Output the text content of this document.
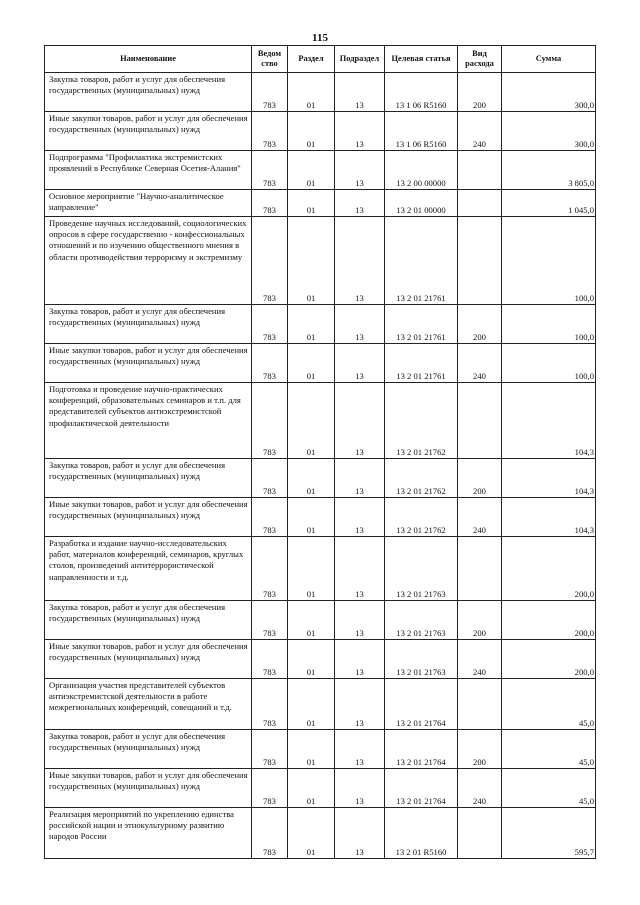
115
Наименование	Ведом ство	Раздел	Подраздел	Целевая статья	Вид расхода	Сумма
Закупка товаров, работ и услуг для обеспечения государственных (муниципальных) нужд	783	01	13	13 1 06 R5160	200	300,0
Иные закупки товаров, работ и услуг для обеспечения государственных (муниципальных) нужд	783	01	13	13 1 06 R5160	240	300,0
Подпрограмма "Профилактика экстремистских проявлений в Республике Северная Осетия-Алания"	783	01	13	13 2 00 00000		3 805,0
Основное мероприятие "Научно-аналитическое направление"	783	01	13	13 2 01 00000		1 045,0
Проведение научных исследований, социологических опросов в сфере государственно - конфессиональных отношений и по изучению общественного мнения в области противодействия терроризму и экстремизму	783	01	13	13 2 01 21761		100,0
Закупка товаров, работ и услуг для обеспечения государственных (муниципальных) нужд	783	01	13	13 2 01 21761	200	100,0
Иные закупки товаров, работ и услуг для обеспечения государственных (муниципальных) нужд	783	01	13	13 2 01 21761	240	100,0
Подготовка и проведение научно-практических конференций, образовательных семинаров и т.п. для представителей субъектов антиэкстремистской профилактической деятельности	783	01	13	13 2 01 21762		104,3
Закупка товаров, работ и услуг для обеспечения государственных (муниципальных) нужд	783	01	13	13 2 01 21762	200	104,3
Иные закупки товаров, работ и услуг для обеспечения государственных (муниципальных) нужд	783	01	13	13 2 01 21762	240	104,3
Разработка и издание научно-исследовательских работ, материалов конференций, семинаров, круглых столов, произведений антитеррористической направленности и т.д.	783	01	13	13 2 01 21763		200,0
Закупка товаров, работ и услуг для обеспечения государственных (муниципальных) нужд	783	01	13	13 2 01 21763	200	200,0
Иные закупки товаров, работ и услуг для обеспечения государственных (муниципальных) нужд	783	01	13	13 2 01 21763	240	200,0
Организация участия представителей субъектов антиэкстремистской деятельности в работе межрегиональных конференций, совещаний и т.д.	783	01	13	13 2 01 21764		45,0
Закупка товаров, работ и услуг для обеспечения государственных (муниципальных) нужд	783	01	13	13 2 01 21764	200	45,0
Иные закупки товаров, работ и услуг для обеспечения государственных (муниципальных) нужд	783	01	13	13 2 01 21764	240	45,0
Реализация мероприятий по укреплению единства российской нации и этнокультурному развитию народов России	783	01	13	13 2 01 R5160		595,7
